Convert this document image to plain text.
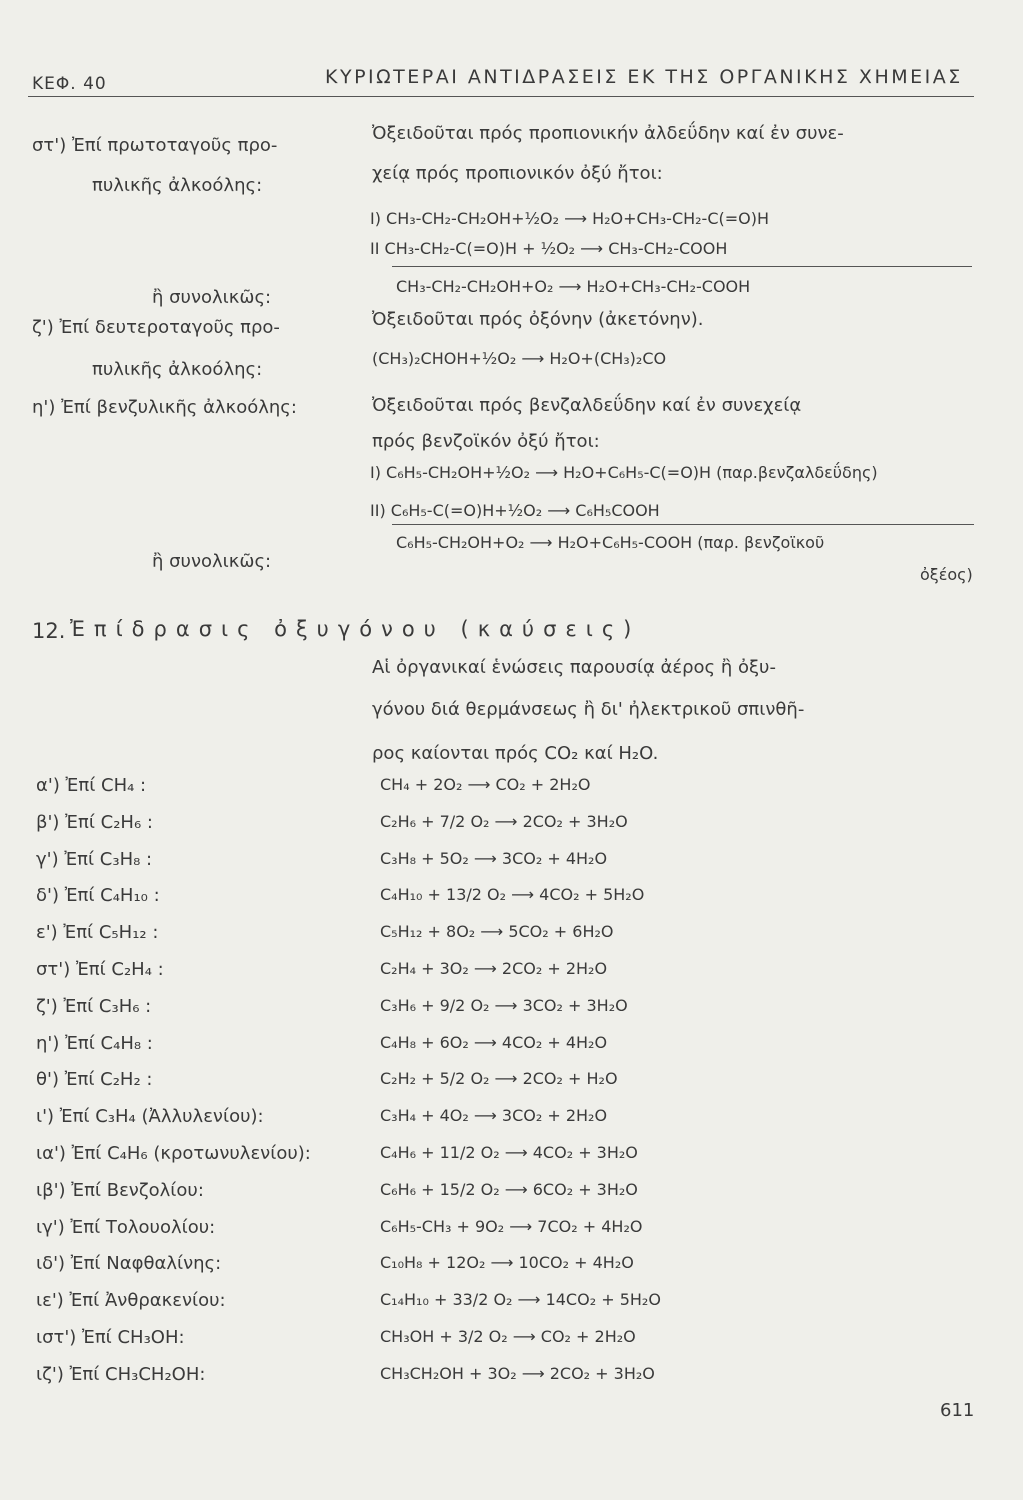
ΚΕΦ. 40	ΚΥΡΙΩΤΕΡΑΙ ΑΝΤΙΔΡΑΣΕΙΣ ΕΚ ΤΗΣ ΟΡΓΑΝΙΚΗΣ ΧΗΜΕΙΑΣ
στ') Ἐπί πρωτοταγοῦς προ-
πυλικῆς ἀλκοόλης:
Ὀξειδοῦται πρός προπιονικήν ἀλδεΰδην καί ἐν συνε-
χείᾳ πρός προπιονικόν ὀξύ ἤτοι:
I) CH₃-CH₂-CH₂OH+½O₂ ⟶ H₂O+CH₃-CH₂-C(=O)H
II CH₃-CH₂-C(=O)H + ½O₂ ⟶ CH₃-CH₂-COOH
ἢ συνολικῶς:
CH₃-CH₂-CH₂OH+O₂ ⟶ H₂O+CH₃-CH₂-COOH
ζ') Ἐπί δευτεροταγοῦς προ-
πυλικῆς ἀλκοόλης:
Ὀξειδοῦται πρός ὀξόνην (ἀκετόνην).
(CH₃)₂CHOH+½O₂ ⟶ H₂O+(CH₃)₂CO
η') Ἐπί βενζυλικῆς ἀλκοόλης:	Ὀξειδοῦται πρός βενζαλδεΰδην καί ἐν συνεχείᾳ
πρός βενζοϊκόν ὀξύ ἤτοι:
I) C₆H₅-CH₂OH+½O₂ ⟶ H₂O+C₆H₅-C(=O)H (παρ.βενζαλδεΰδης)
II) C₆H₅-C(=O)H+½O₂ ⟶ C₆H₅COOH
ἢ συνολικῶς:
C₆H₅-CH₂OH+O₂ ⟶ H₂O+C₆H₅-COOH (παρ. βενζοϊκοῦ
ὀξέος)
12. Ἐπίδρασις ὀξυγόνου (καύσεις)
Αἱ ὀργανικαί ἑνώσεις παρουσίᾳ ἀέρος ἢ ὀξυ-
γόνου διά θερμάνσεως ἢ δι' ἠλεκτρικοῦ σπινθῆ-
ρος καίονται πρός CO₂ καί H₂O.
α') Ἐπί CH₄ :	CH₄ + 2O₂ ⟶ CO₂ + 2H₂O
β') Ἐπί C₂H₆ :	C₂H₆ + 7/2 O₂ ⟶ 2CO₂ + 3H₂O
γ') Ἐπί C₃H₈ :	C₃H₈ + 5O₂ ⟶ 3CO₂ + 4H₂O
δ') Ἐπί C₄H₁₀ :	C₄H₁₀ + 13/2 O₂ ⟶ 4CO₂ + 5H₂O
ε') Ἐπί C₅H₁₂ :	C₅H₁₂ + 8O₂ ⟶ 5CO₂ + 6H₂O
στ') Ἐπί C₂H₄ :	C₂H₄ + 3O₂ ⟶ 2CO₂ + 2H₂O
ζ') Ἐπί C₃H₆ :	C₃H₆ + 9/2 O₂ ⟶ 3CO₂ + 3H₂O
η') Ἐπί C₄H₈ :	C₄H₈ + 6O₂ ⟶ 4CO₂ + 4H₂O
θ') Ἐπί C₂H₂ :	C₂H₂ + 5/2 O₂ ⟶ 2CO₂ + H₂O
ι') Ἐπί C₃H₄ (Ἀλλυλενίου):	C₃H₄ + 4O₂ ⟶ 3CO₂ + 2H₂O
ια') Ἐπί C₄H₆ (κροτωνυλενίου):	C₄H₆ + 11/2 O₂ ⟶ 4CO₂ + 3H₂O
ιβ') Ἐπί Βενζολίου:	C₆H₆ + 15/2 O₂ ⟶ 6CO₂ + 3H₂O
ιγ') Ἐπί Τολουολίου:	C₆H₅-CH₃ + 9O₂ ⟶ 7CO₂ + 4H₂O
ιδ') Ἐπί Ναφθαλίνης:	C₁₀H₈ + 12O₂ ⟶ 10CO₂ + 4H₂O
ιε') Ἐπί Ἀνθρακενίου:	C₁₄H₁₀ + 33/2 O₂ ⟶ 14CO₂ + 5H₂O
ιστ') Ἐπί CH₃OH:	CH₃OH + 3/2 O₂ ⟶ CO₂ + 2H₂O
ιζ') Ἐπί CH₃CH₂OH:	CH₃CH₂OH + 3O₂ ⟶ 2CO₂ + 3H₂O
611
